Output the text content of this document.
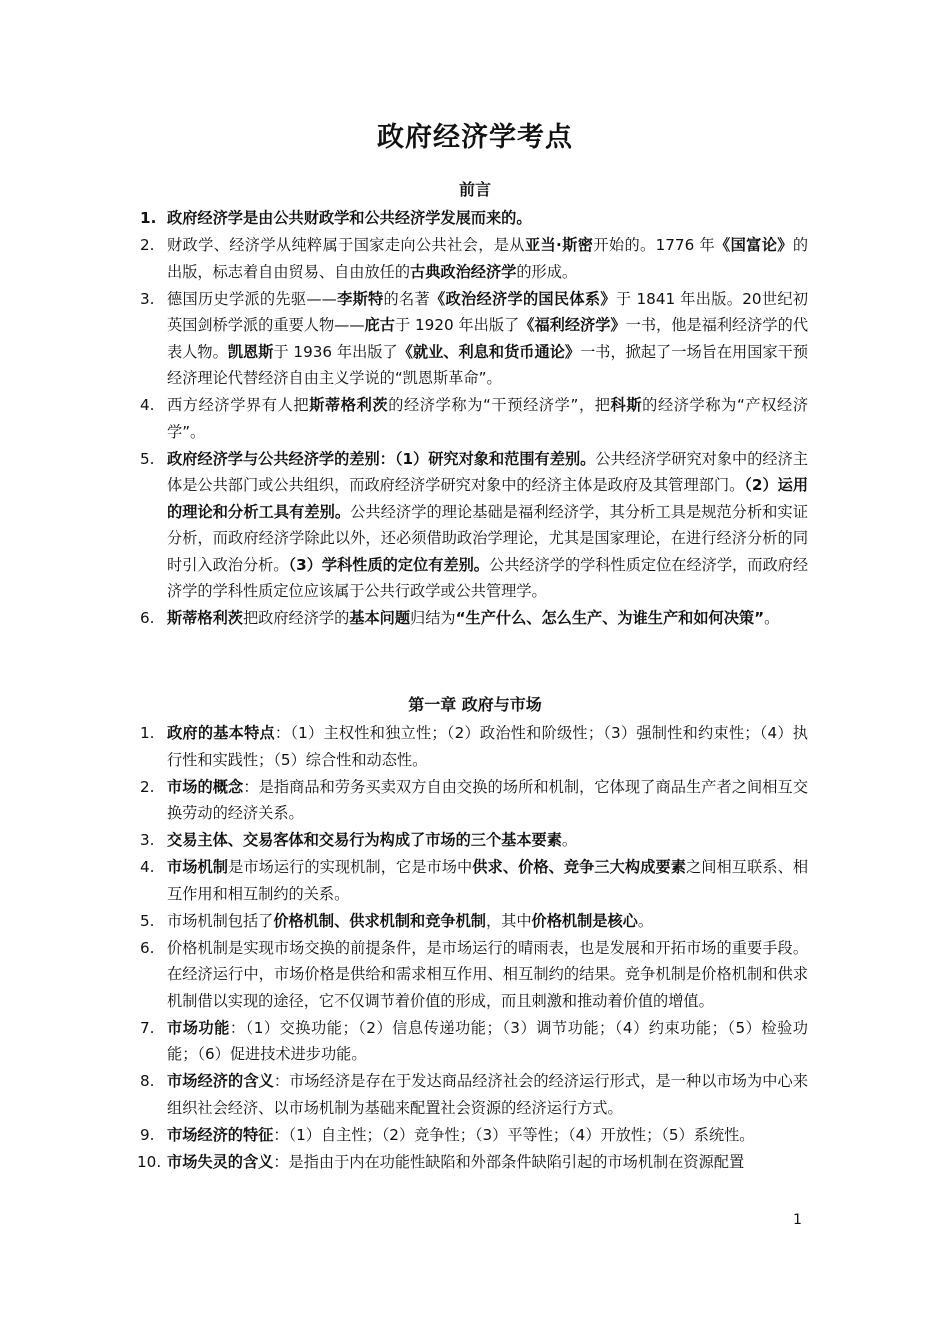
政府经济学考点
前言
1. 政府经济学是由公共财政学和公共经济学发展而来的。
2. 财政学、经济学从纯粹属于国家走向公共社会，是从亚当·斯密开始的。1776 年《国富论》的出版，标志着自由贸易、自由放任的古典政治经济学的形成。
3. 德国历史学派的先驱——李斯特的名著《政治经济学的国民体系》于 1841 年出版。20世纪初英国剑桥学派的重要人物——庇古于 1920 年出版了《福利经济学》一书，他是福利经济学的代表人物。凯恩斯于 1936 年出版了《就业、利息和货币通论》一书，掀起了一场旨在用国家干预经济理论代替经济自由主义学说的“凯恩斯革命”。
4. 西方经济学界有人把斯蒂格利茨的经济学称为“干预经济学”，把科斯的经济学称为“产权经济学”。
5. 政府经济学与公共经济学的差别：（1）研究对象和范围有差别。公共经济学研究对象中的经济主体是公共部门或公共组织，而政府经济学研究对象中的经济主体是政府及其管理部门。（2）运用的理论和分析工具有差别。公共经济学的理论基础是福利经济学，其分析工具是规范分析和实证分析，而政府经济学除此以外，还必须借助政治学理论，尤其是国家理论，在进行经济分析的同时引入政治分析。（3）学科性质的定位有差别。公共经济学的学科性质定位在经济学，而政府经济学的学科性质定位应该属于公共行政学或公共管理学。
6. 斯蒂格利茨把政府经济学的基本问题归结为“生产什么、怎么生产、为谁生产和如何决策”。
第一章 政府与市场
1. 政府的基本特点：（1）主权性和独立性；（2）政治性和阶级性；（3）强制性和约束性；（4）执行性和实践性；（5）综合性和动态性。
2. 市场的概念：是指商品和劳务买卖双方自由交换的场所和机制，它体现了商品生产者之间相互交换劳动的经济关系。
3. 交易主体、交易客体和交易行为构成了市场的三个基本要素。
4. 市场机制是市场运行的实现机制，它是市场中供求、价格、竞争三大构成要素之间相互联系、相互作用和相互制约的关系。
5. 市场机制包括了价格机制、供求机制和竞争机制，其中价格机制是核心。
6. 价格机制是实现市场交换的前提条件，是市场运行的晴雨表，也是发展和开拓市场的重要手段。在经济运行中，市场价格是供给和需求相互作用、相互制约的结果。竞争机制是价格机制和供求机制借以实现的途径，它不仅调节着价值的形成，而且刺激和推动着价值的增值。
7. 市场功能：（1）交换功能；（2）信息传递功能；（3）调节功能；（4）约束功能；（5）检验功能；（6）促进技术进步功能。
8. 市场经济的含义：市场经济是存在于发达商品经济社会的经济运行形式，是一种以市场为中心来组织社会经济、以市场机制为基础来配置社会资源的经济运行方式。
9. 市场经济的特征：（1）自主性；（2）竞争性；（3）平等性；（4）开放性；（5）系统性。
10. 市场失灵的含义：是指由于内在功能性缺陷和外部条件缺陷引起的市场机制在资源配置
1
